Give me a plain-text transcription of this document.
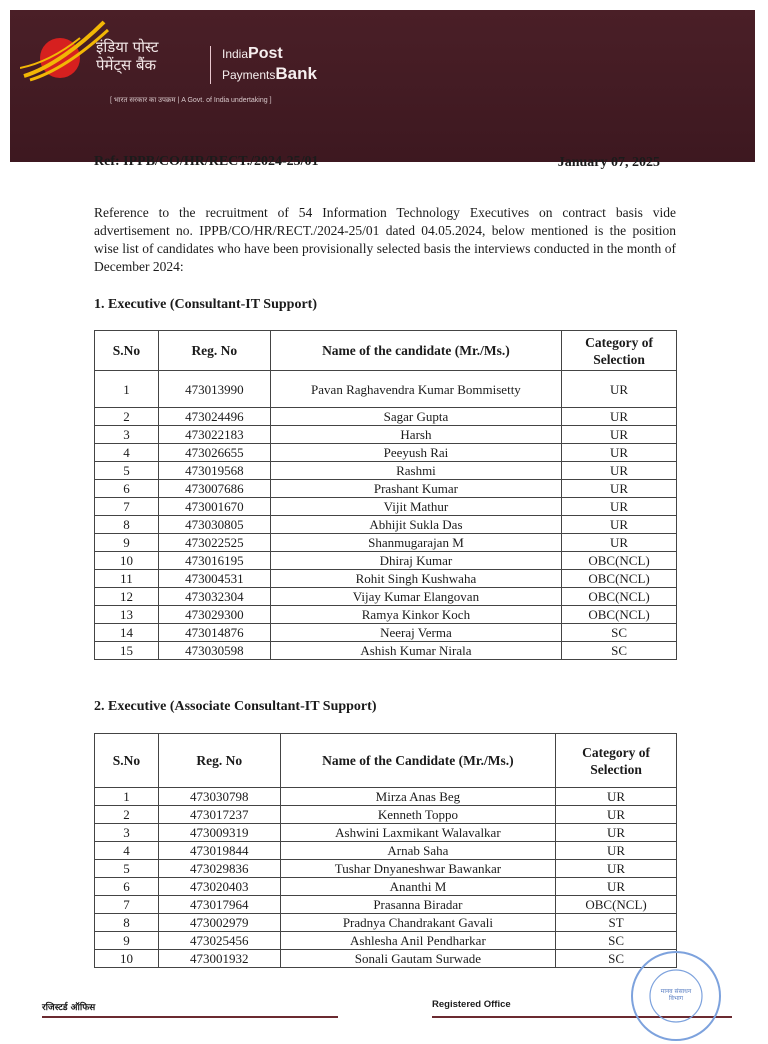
इंडिया पोस्ट
पेमेंट्स बैंक
IndiaPost
PaymentsBank
[ भारत सरकार का उपक्रम | A Govt. of India undertaking ]
Ref: IPPB/CO/HR/RECT./2024-25/01	January 07, 2025
Reference to the recruitment of 54 Information Technology Executives on contract basis vide advertisement no. IPPB/CO/HR/RECT./2024-25/01 dated 04.05.2024, below mentioned is the position wise list of candidates who have been provisionally selected basis the interviews conducted in the month of December 2024:
1. Executive (Consultant-IT Support)
S.No	Reg. No	Name of the candidate (Mr./Ms.)	Category of Selection
1	473013990	Pavan Raghavendra Kumar Bommisetty	UR
2	473024496	Sagar Gupta	UR
3	473022183	Harsh	UR
4	473026655	Peeyush Rai	UR
5	473019568	Rashmi	UR
6	473007686	Prashant Kumar	UR
7	473001670	Vijit Mathur	UR
8	473030805	Abhijit Sukla Das	UR
9	473022525	Shanmugarajan M	UR
10	473016195	Dhiraj Kumar	OBC(NCL)
11	473004531	Rohit Singh Kushwaha	OBC(NCL)
12	473032304	Vijay Kumar Elangovan	OBC(NCL)
13	473029300	Ramya Kinkor Koch	OBC(NCL)
14	473014876	Neeraj Verma	SC
15	473030598	Ashish Kumar Nirala	SC
2. Executive (Associate Consultant-IT Support)
S.No	Reg. No	Name of the Candidate (Mr./Ms.)	Category of Selection
1	473030798	Mirza Anas Beg	UR
2	473017237	Kenneth Toppo	UR
3	473009319	Ashwini Laxmikant Walavalkar	UR
4	473019844	Arnab Saha	UR
5	473029836	Tushar Dnyaneshwar Bawankar	UR
6	473020403	Ananthi M	UR
7	473017964	Prasanna Biradar	OBC(NCL)
8	473002979	Pradnya Chandrakant Gavali	ST
9	473025456	Ashlesha Anil Pendharkar	SC
10	473001932	Sonali Gautam Surwade	SC
रजिस्टर्ड ऑफिस	Registered Office
मानव संसाधन विभाग
